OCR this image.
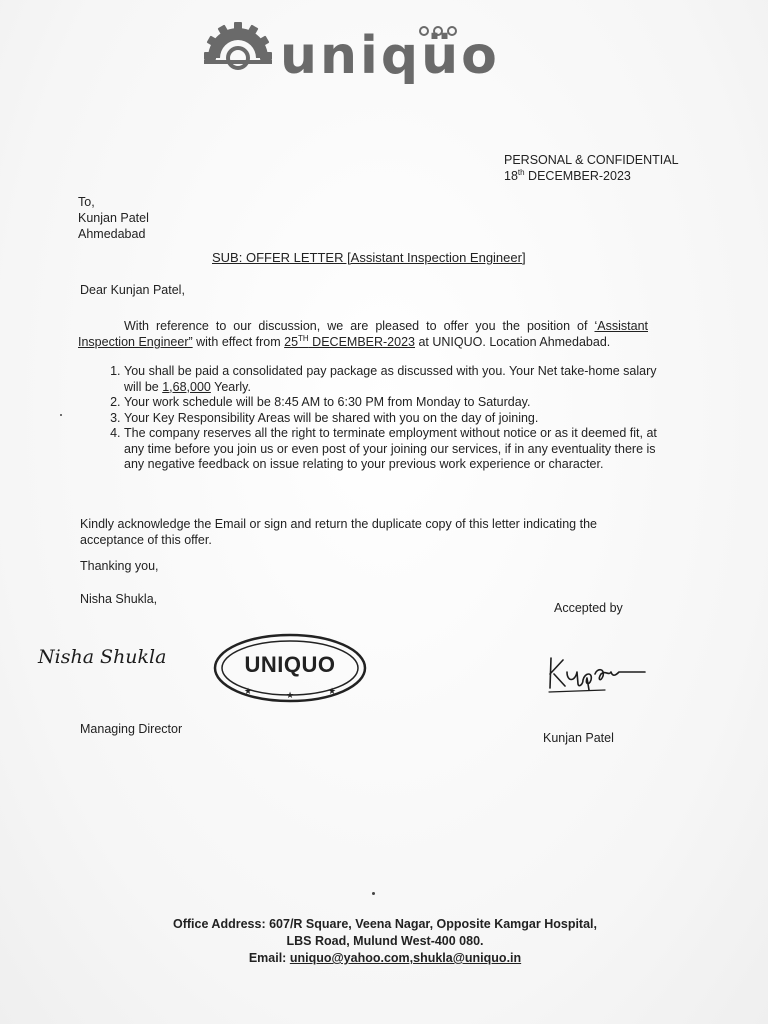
uniqüo
PERSONAL & CONFIDENTIAL
18th DECEMBER-2023
To,
Kunjan Patel
Ahmedabad
SUB: OFFER LETTER [Assistant Inspection Engineer]
Dear Kunjan Patel,
With reference to our discussion, we are pleased to offer you the position of ‘Assistant Inspection Engineer” with effect from 25TH DECEMBER-2023 at UNIQUO. Location Ahmedabad.
1. You shall be paid a consolidated pay package as discussed with you. Your Net take-home salary will be 1,68,000 Yearly.
2. Your work schedule will be 8:45 AM to 6:30 PM from Monday to Saturday.
3. Your Key Responsibility Areas will be shared with you on the day of joining.
4. The company reserves all the right to terminate employment without notice or as it deemed fit, at any time before you join us or even post of your joining our services, if in any eventuality there is any negative feedback on issue relating to your previous work experience or character.
Kindly acknowledge the Email or sign and return the duplicate copy of this letter indicating the acceptance of this offer.
Thanking you,
Nisha Shukla,
Accepted by
Nisha Shukla
★	★	★
UNIQUO
Managing Director
Kunjan Patel
Office Address: 607/R Square, Veena Nagar, Opposite Kamgar Hospital,
LBS Road, Mulund West-400 080.
Email: uniquo@yahoo.com,shukla@uniquo.in
